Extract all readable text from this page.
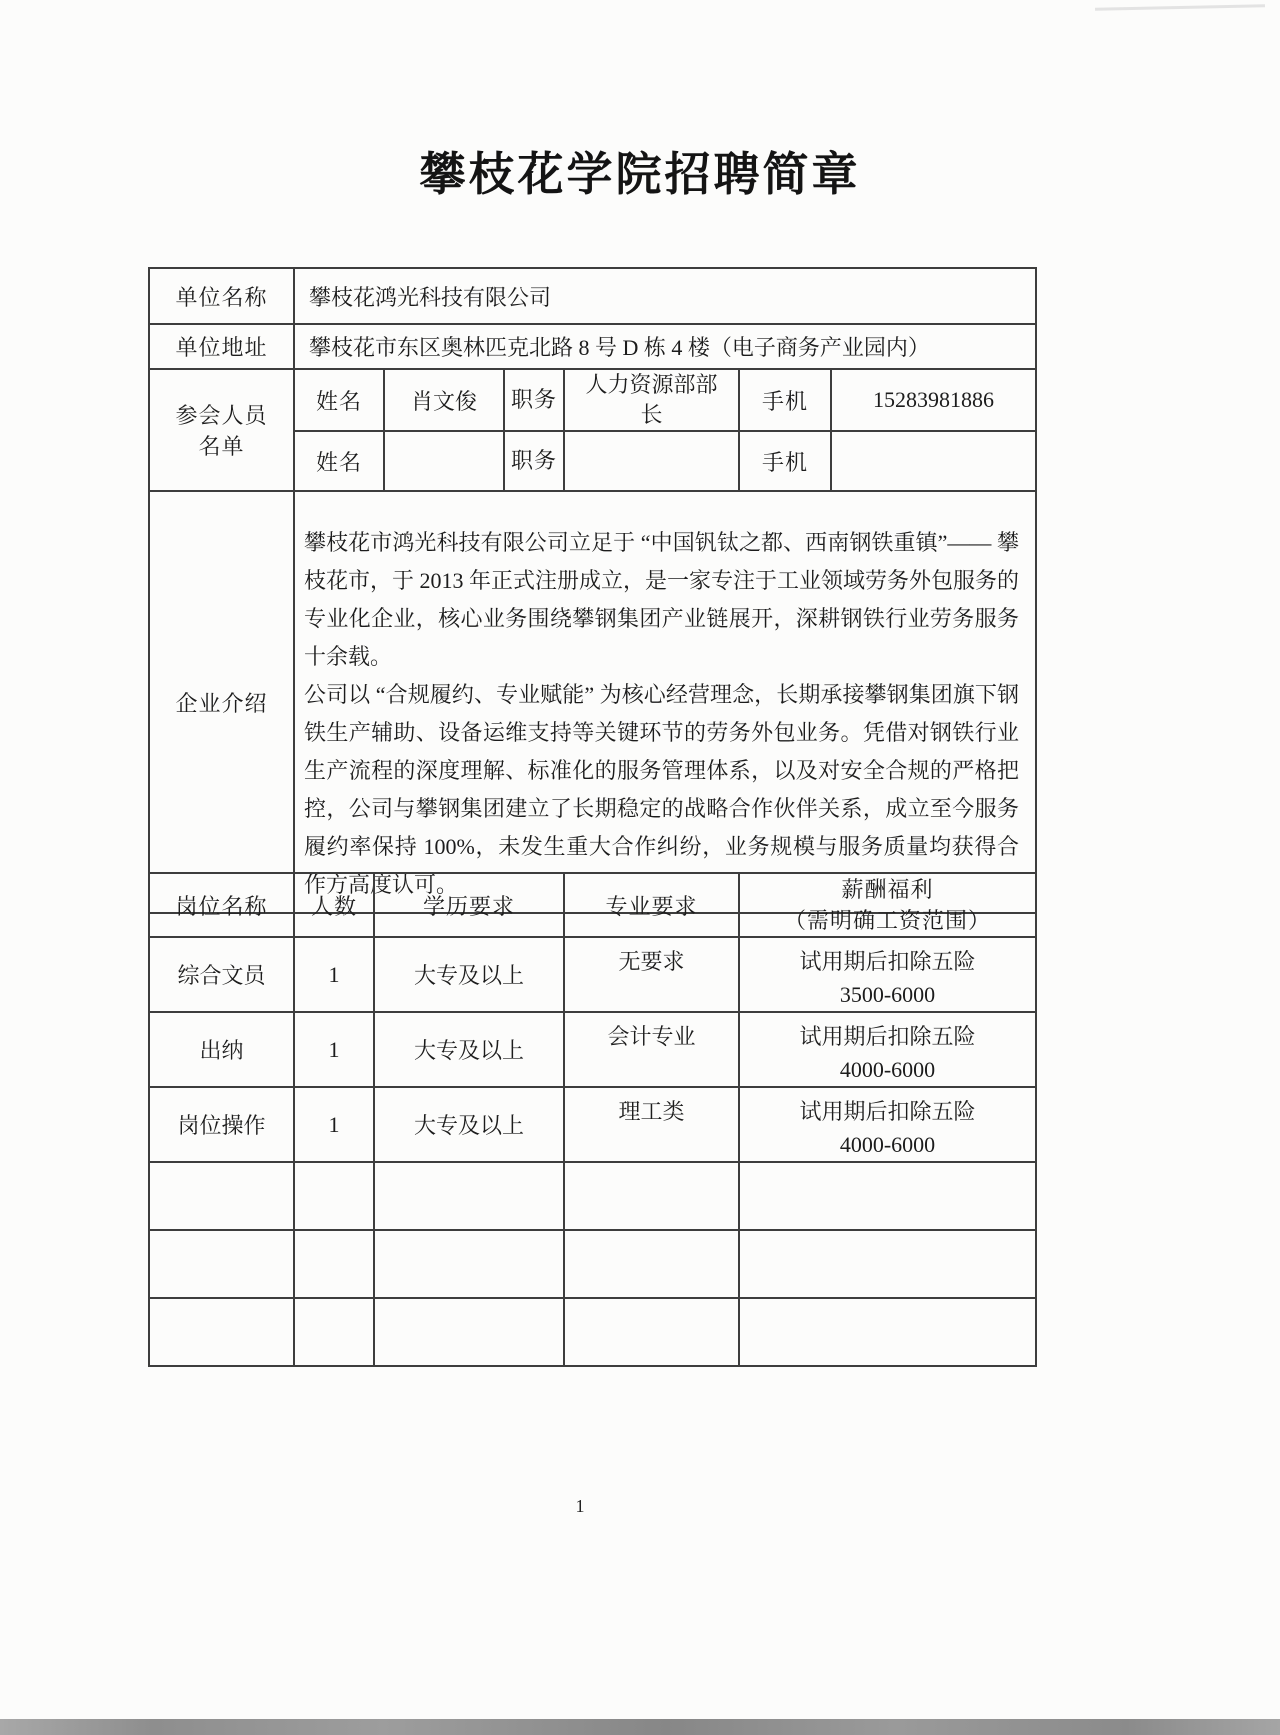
攀枝花学院招聘简章
单位名称	攀枝花鸿光科技有限公司					
单位地址	攀枝花市东区奥林匹克北路 8 号 D 栋 4 楼（电子商务产业园内）					

参会人员
名单	姓名	肖文俊	职务	人力资源部部长	手机	15283981886
	姓名		职务		手机	
企业介绍	攀枝花市鸿光科技有限公司立足于 “中国钒钛之都、西南钢铁重镇”—— 攀枝花市，于 2013 年正式注册成立，是一家专注于工业领域劳务外包服务的专业化企业，核心业务围绕攀钢集团产业链展开，深耕钢铁行业劳务服务十余载。

公司以 “合规履约、专业赋能” 为核心经营理念，长期承接攀钢集团旗下钢铁生产辅助、设备运维支持等关键环节的劳务外包业务。凭借对钢铁行业生产流程的深度理解、标准化的服务管理体系，以及对安全合规的严格把控，公司与攀钢集团建立了长期稳定的战略合作伙伴关系，成立至今服务履约率保持 100%，未发生重大合作纠纷，业务规模与服务质量均获得合作方高度认可。					

岗位名称	人数	学历要求	专业要求	薪酬福利
（需明确工资范围）

综合文员	1	大专及以上	无要求	试用期后扣除五险
3500-6000

出纳	1	大专及以上	会计专业	试用期后扣除五险
4000-6000

岗位操作	1	大专及以上	理工类	试用期后扣除五险
4000-6000

1
